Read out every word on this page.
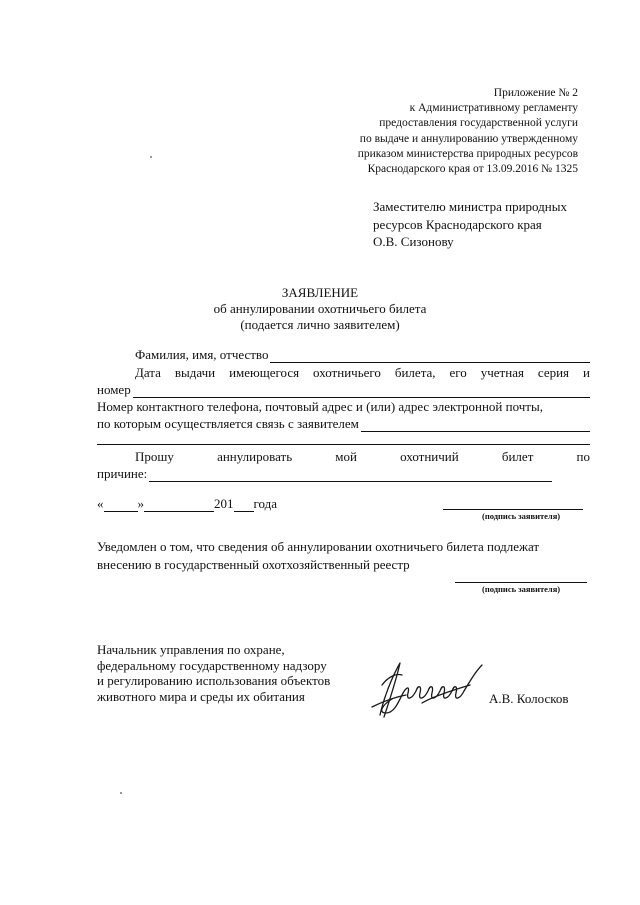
Приложение № 2
к Административному регламенту
предоставления государственной услуги
по выдаче и аннулированию утвержденному
приказом министерства природных ресурсов
Краснодарского края от 13.09.2016 № 1325
Заместителю министра природных
ресурсов Краснодарского края
О.В. Сизонову
ЗАЯВЛЕНИЕ
об аннулировании охотничьего билета
(подается лично заявителем)
Фамилия, имя, отчество
Дата выдачи имеющегося охотничьего билета, его учетная серия и
номер
Номер контактного телефона, почтовый адрес и (или) адрес электронной почты,
по которым осуществляется связь с заявителем
Прошу	аннулировать	мой	охотничий	билет	по
причине:
«	»	201 года
(подпись заявителя)
Уведомлен о том, что сведения об аннулировании охотничьего билета подлежат
внесению в государственный охотхозяйственный реестр
(подпись заявителя)
Начальник управления по охране,
федеральному государственному надзору
и регулированию использования объектов
животного мира и среды их обитания	А.В. Колосков
